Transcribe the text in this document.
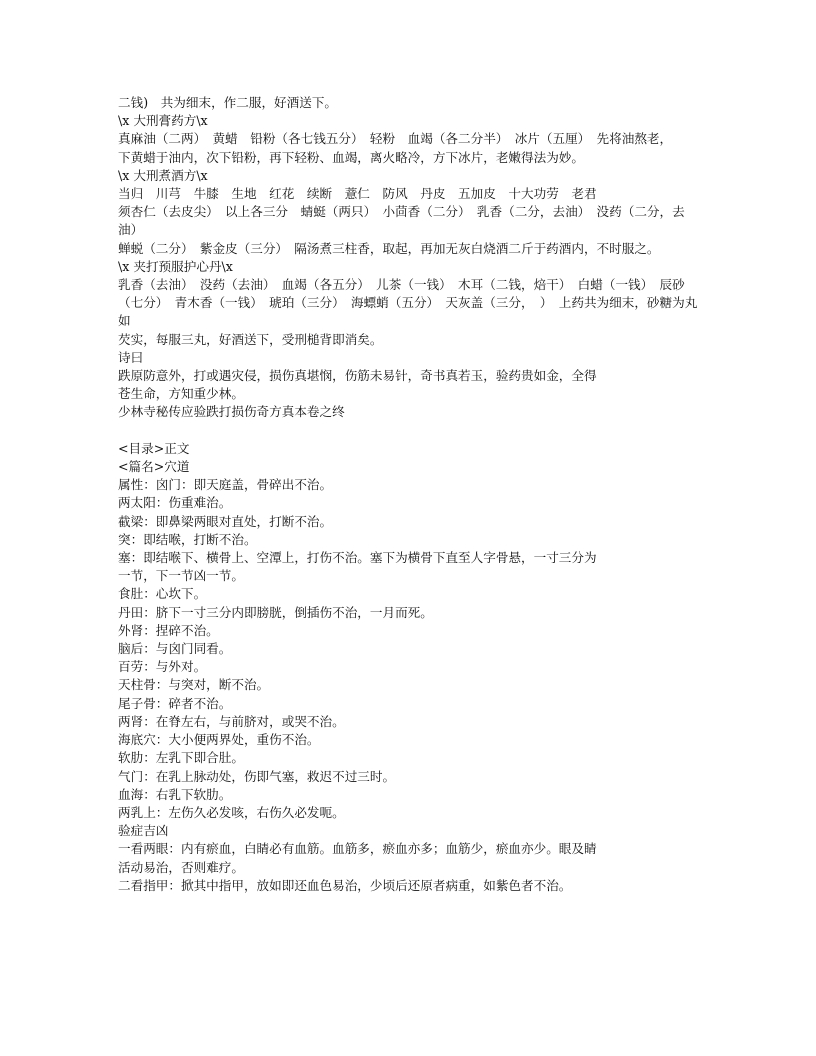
二钱)　共为细末，作二服，好酒送下。
\x 大刑膏药方\x
真麻油（二两）　黄蜡　铅粉（各七钱五分）　轻粉　血竭（各二分半）　冰片（五厘）　先将油熬老，
下黄蜡于油内，次下铅粉，再下轻粉、血竭，离火略冷，方下冰片，老嫩得法为妙。
\x 大刑煮酒方\x
当归　川芎　牛膝　生地　红花　续断　薏仁　防风　丹皮　五加皮　十大功劳　老君
须杏仁（去皮尖）　以上各三分　蜻蜓（两只）　小茴香（二分）　乳香（二分，去油）　没药（二分，去油）
蝉蜕（二分）　紫金皮（三分）　隔汤煮三柱香，取起，再加无灰白烧酒二斤于药酒内，不时服之。
\x 夹打预服护心丹\x
乳香（去油）　没药（去油）　血竭（各五分）　儿茶（一钱）　木耳（二钱，焙干）　白蜡（一钱）　辰砂
（七分）　青木香（一钱）　琥珀（三分）　海螵蛸（五分）　天灰盖（三分，　）　上药共为细末，砂糖为丸如
芡实，每服三丸，好酒送下，受刑槌背即消矣。
诗曰
跌原防意外，打或遇灾侵，损伤真堪悯，伤筋未易针，奇书真若玉，验药贵如金，全得
苍生命，方知重少林。
少林寺秘传应验跌打损伤奇方真本卷之终
<目录>正文
<篇名>穴道
属性：囟门：即天庭盖，骨碎出不治。
两太阳：伤重难治。
截梁：即鼻梁两眼对直处，打断不治。
突：即结喉，打断不治。
塞：即结喉下、横骨上、空潭上，打伤不治。塞下为横骨下直至人字骨悬，一寸三分为
一节，下一节凶一节。
食肚：心坎下。
丹田：脐下一寸三分内即膀胱，倒插伤不治，一月而死。
外肾：捏碎不治。
脑后：与囟门同看。
百劳：与外对。
天柱骨：与突对，断不治。
尾子骨：碎者不治。
两肾：在脊左右，与前脐对，或哭不治。
海底穴：大小便两界处，重伤不治。
软肋：左乳下即合肚。
气门：在乳上脉动处，伤即气塞，救迟不过三时。
血海：右乳下软肋。
两乳上：左伤久必发咳，右伤久必发呃。
验症吉凶
一看两眼：内有瘀血，白睛必有血筋。血筋多，瘀血亦多；血筋少，瘀血亦少。眼及睛
活动易治，否则难疗。
二看指甲：掀其中指甲，放如即还血色易治，少顷后还原者病重，如紫色者不治。
